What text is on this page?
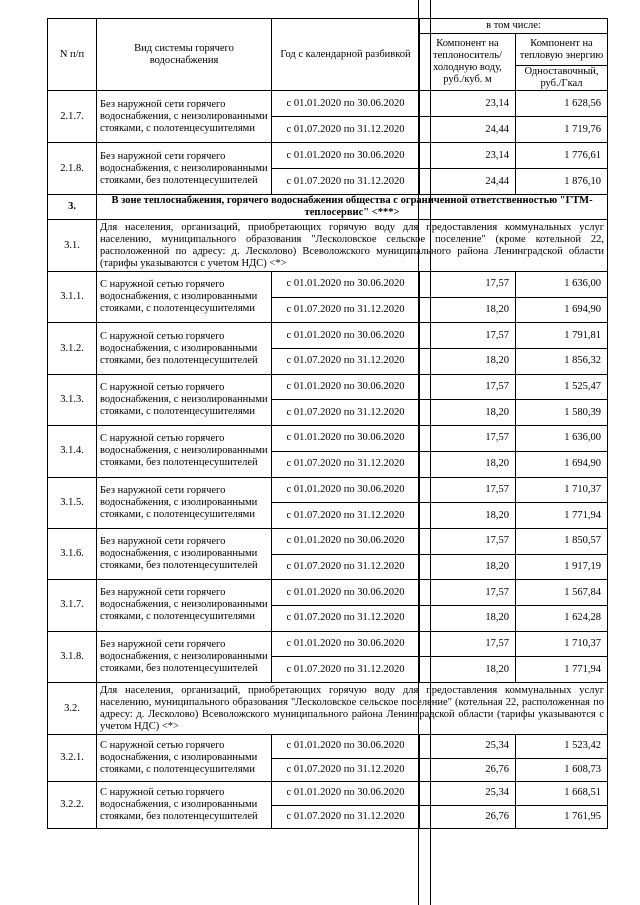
N п/п	Вид системы горячего водоснабжения	Год с календарной разбивкой	в том числе:	
			Компонент на теплоноситель/холодную воду, руб./куб. м	Компонент на тепловую энергию
				Одноставочный, руб./Гкал

2.1.7.	Без наружной сети горячего водоснабжения, с неизолированными стояками, с полотенцесушителями	с 01.01.2020 по 30.06.2020	23,14	1 628,56
		с 01.07.2020 по 31.12.2020	24,44	1 719,76
2.1.8.	Без наружной сети горячего водоснабжения, с неизолированными стояками, без полотенцесушителей	с 01.01.2020 по 30.06.2020	23,14	1 776,61
		с 01.07.2020 по 31.12.2020	24,44	1 876,10
3.	В зоне теплоснабжения, горячего водоснабжения общества с ограниченной ответственностью "ГТМ-теплосервис" <***>			
3.1.	Для населения, организаций, приобретающих горячую воду для предоставления коммунальных услуг населению, муниципального образования "Лесколовское сельское поселение" (кроме котельной 22, расположенной по адресу: д. Лесколово) Всеволожского муниципального района Ленинградской области (тарифы указываются с учетом НДС) <*>			
3.1.1.	С наружной сетью горячего водоснабжения, с изолированными стояками, с полотенцесушителями	с 01.01.2020 по 30.06.2020	17,57	1 636,00
		с 01.07.2020 по 31.12.2020	18,20	1 694,90
3.1.2.	С наружной сетью горячего водоснабжения, с изолированными стояками, без полотенцесушителей	с 01.01.2020 по 30.06.2020	17,57	1 791,81
		с 01.07.2020 по 31.12.2020	18,20	1 856,32
3.1.3.	С наружной сетью горячего водоснабжения, с неизолированными стояками, с полотенцесушителями	с 01.01.2020 по 30.06.2020	17,57	1 525,47
		с 01.07.2020 по 31.12.2020	18,20	1 580,39
3.1.4.	С наружной сетью горячего водоснабжения, с неизолированными стояками, без полотенцесушителей	с 01.01.2020 по 30.06.2020	17,57	1 636,00
		с 01.07.2020 по 31.12.2020	18,20	1 694,90
3.1.5.	Без наружной сети горячего водоснабжения, с изолированными стояками, с полотенцесушителями	с 01.01.2020 по 30.06.2020	17,57	1 710,37
		с 01.07.2020 по 31.12.2020	18,20	1 771,94
3.1.6.	Без наружной сети горячего водоснабжения, с изолированными стояками, без полотенцесушителей	с 01.01.2020 по 30.06.2020	17,57	1 850,57
		с 01.07.2020 по 31.12.2020	18,20	1 917,19
3.1.7.	Без наружной сети горячего водоснабжения, с неизолированными стояками, с полотенцесушителями	с 01.01.2020 по 30.06.2020	17,57	1 567,84
		с 01.07.2020 по 31.12.2020	18,20	1 624,28
3.1.8.	Без наружной сети горячего водоснабжения, с неизолированными стояками, без полотенцесушителей	с 01.01.2020 по 30.06.2020	17,57	1 710,37
		с 01.07.2020 по 31.12.2020	18,20	1 771,94
3.2.	Для населения, организаций, приобретающих горячую воду для предоставления коммунальных услуг населению, муниципального образования "Лесколовское сельское поселение" (котельная 22, расположенная по адресу: д. Лесколово) Всеволожского муниципального района Ленинградской области (тарифы указываются с учетом НДС) <*>			
3.2.1.	С наружной сетью горячего водоснабжения, с изолированными стояками, с полотенцесушителями	с 01.01.2020 по 30.06.2020	25,34	1 523,42
		с 01.07.2020 по 31.12.2020	26,76	1 608,73
3.2.2.	С наружной сетью горячего водоснабжения, с изолированными стояками, без полотенцесушителей	с 01.01.2020 по 30.06.2020	25,34	1 668,51
		с 01.07.2020 по 31.12.2020	26,76	1 761,95
